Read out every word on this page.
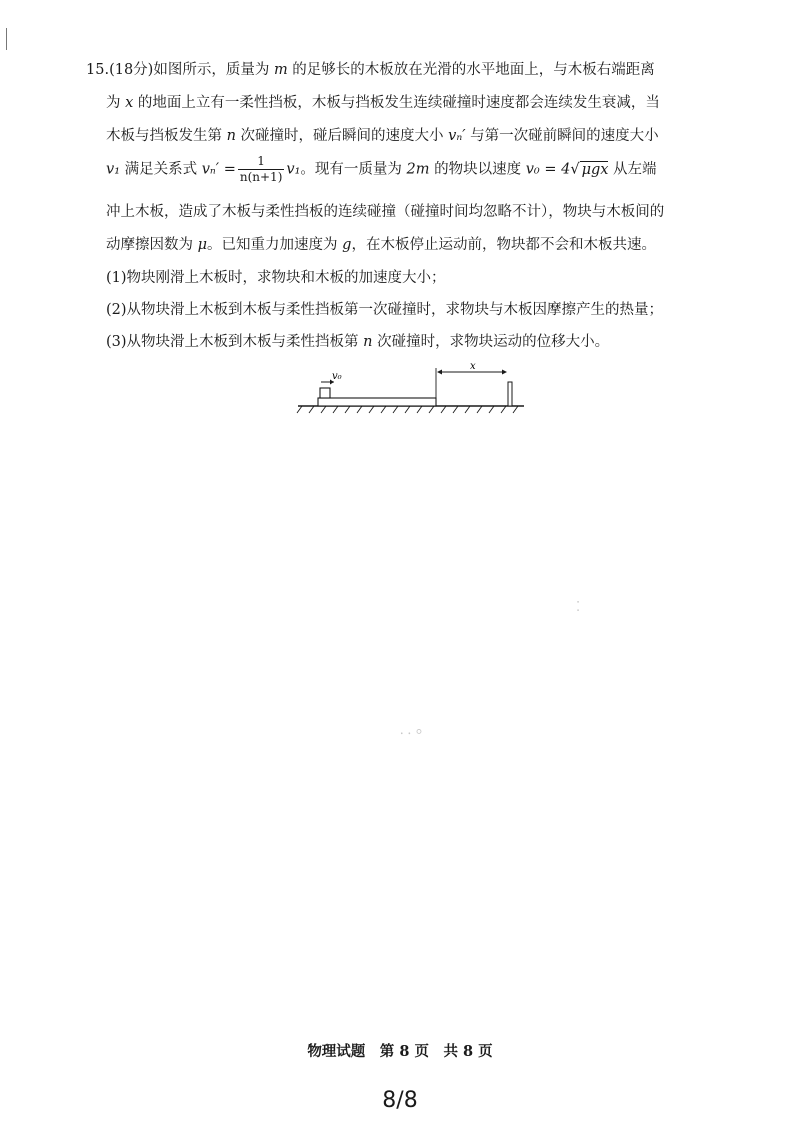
15.(18分)如图所示，质量为 m 的足够长的木板放在光滑的水平地面上，与木板右端距离
为 x 的地面上立有一柔性挡板，木板与挡板发生连续碰撞时速度都会连续发生衰减，当
木板与挡板发生第 n 次碰撞时，碰后瞬间的速度大小 vₙ′ 与第一次碰前瞬间的速度大小
v₁ 满足关系式 $v_n' = \frac{1}{n(n+1)} v_1$。现有一质量为 2m 的物块以速度 v₀ = 4√ μgx 从左端
冲上木板，造成了木板与柔性挡板的连续碰撞（碰撞时间均忽略不计），物块与木板间的
动摩擦因数为 μ。已知重力加速度为 g，在木板停止运动前，物块都不会和木板共速。
(1)物块刚滑上木板时，求物块和木板的加速度大小；
(2)从物块滑上木板到木板与柔性挡板第一次碰撞时，求物块与木板因摩擦产生的热量；
(3)从物块滑上木板到木板与柔性挡板第 n 次碰撞时，求物块运动的位移大小。
v₀
x
⁚
⸳ ⸳ ⸰
物理试题　第 8 页　共 8 页
8/8
